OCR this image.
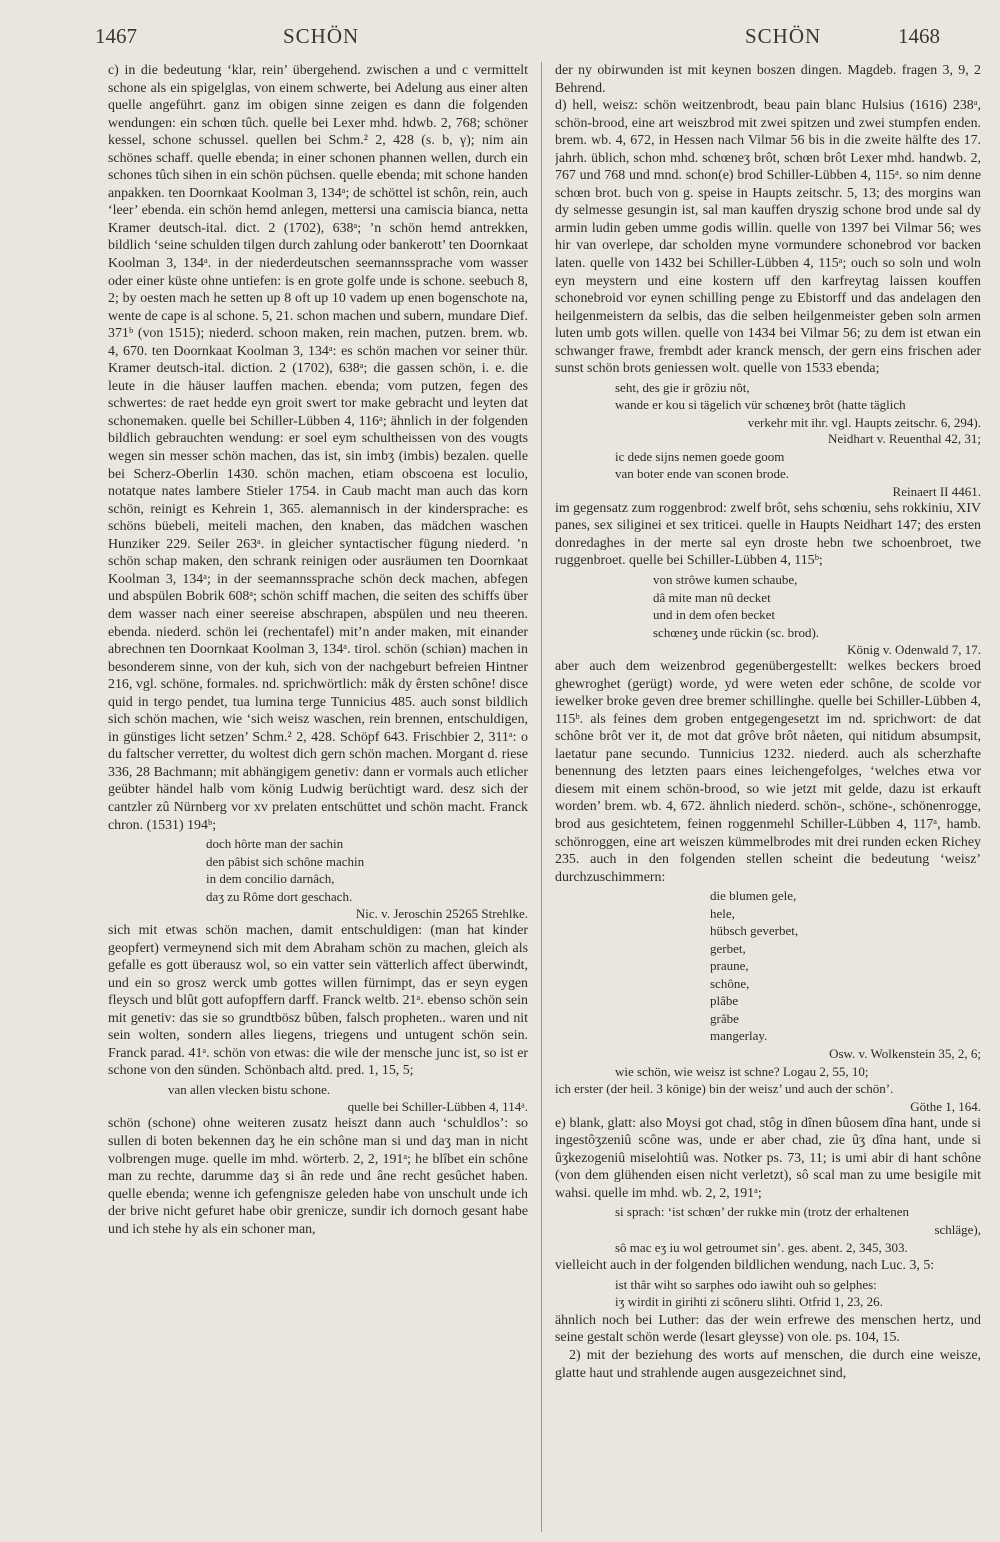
1467	SCHÖN	SCHÖN	1468

c) in die bedeutung ‘klar, rein’ übergehend. zwischen a und c vermittelt schone als ein spigelglas, von einem schwerte, bei Adelung aus einer alten quelle angeführt. ganz im obigen sinne zeigen es dann die folgenden wendungen: ein schœn tûch. quelle bei Lexer mhd. hdwb. 2, 768; schöner kessel, schone schussel. quellen bei Schm.² 2, 428 (s. b, γ); nim ain schönes schaff. quelle ebenda; in einer schonen phannen wellen, durch ein schones tûch sihen in ein schön püchsen. quelle ebenda; mit schone handen anpakken. ten Doornkaat Koolman 3, 134ᵃ; de schöttel ist schôn, rein, auch ‘leer’ ebenda. ein schön hemd anlegen, mettersi una camiscia bianca, netta Kramer deutsch-ital. dict. 2 (1702), 638ᵃ; ’n schön hemd antrekken, bildlich ‘seine schulden tilgen durch zahlung oder bankerott’ ten Doornkaat Koolman 3, 134ᵃ. in der niederdeutschen seemannssprache vom wasser oder einer küste ohne untiefen: is en grote golfe unde is schone. seebuch 8, 2; by oesten mach he setten up 8 oft up 10 vadem up enen bogenschote na, wente de cape is al schone. 5, 21. schon machen und subern, mundare Dief. 371ᵇ (von 1515); niederd. schoon maken, rein machen, putzen. brem. wb. 4, 670. ten Doornkaat Koolman 3, 134ᵃ: es schön machen vor seiner thür. Kramer deutsch-ital. diction. 2 (1702), 638ᵃ; die gassen schön, i. e. die leute in die häuser lauffen machen. ebenda; vom putzen, fegen des schwertes: de raet hedde eyn groit swert tor make gebracht und leyten dat schonemaken. quelle bei Schiller-Lübben 4, 116ᵃ; ähnlich in der folgenden bildlich gebrauchten wendung: er soel eym schultheissen von des vougts wegen sin messer schön machen, das ist, sin imbʒ (imbis) bezalen. quelle bei Scherz-Oberlin 1430. schön machen, etiam obscoena est loculio, notatque nates lambere Stieler 1754. in Caub macht man auch das korn schön, reinigt es Kehrein 1, 365. alemannisch in der kindersprache: es schöns büebeli, meiteli machen, den knaben, das mädchen waschen Hunziker 229. Seiler 263ᵃ. in gleicher syntactischer fügung niederd. ’n schön schap maken, den schrank reinigen oder ausräumen ten Doornkaat Koolman 3, 134ᵃ; in der seemannssprache schön deck machen, abfegen und abspülen Bobrik 608ᵃ; schön schiff machen, die seiten des schiffs über dem wasser nach einer seereise abschrapen, abspülen und neu theeren. ebenda. niederd. schön lei (rechentafel) mit’n ander maken, mit einander abrechnen ten Doornkaat Koolman 3, 134ᵃ. tirol. schön (schiən) machen in besonderem sinne, von der kuh, sich von der nachgeburt befreien Hintner 216, vgl. schöne, formales. nd. sprichwörtlich: måk dy êrsten schône! disce quid in tergo pendet, tua lumina terge Tunnicius 485. auch sonst bildlich sich schön machen, wie ‘sich weisz waschen, rein brennen, entschuldigen, in günstiges licht setzen’ Schm.² 2, 428. Schöpf 643. Frischbier 2, 311ᵃ: o du faltscher verretter, du woltest dich gern schön machen. Morgant d. riese 336, 28 Bachmann; mit abhängigem genetiv: dann er vormals auch etlicher geübter händel halb vom könig Ludwig berüchtigt ward. desz sich der cantzler zû Nürnberg vor xv prelaten entschüttet und schön macht. Franck chron. (1531) 194ᵇ;

doch hôrte man der sachin
den pâbist sich schône machin
in dem concilio darnâch,
daʒ zu Rôme dort geschach.
Nic. v. Jeroschin 25265 Strehlke.

sich mit etwas schön machen, damit entschuldigen: (man hat kinder geopfert) vermeynend sich mit dem Abraham schön zu machen, gleich als gefalle es gott überausz wol, so ein vatter sein vätterlich affect überwindt, und ein so grosz werck umb gottes willen fürnimpt, das er seyn eygen fleysch und blût gott aufopffern darff. Franck weltb. 21ᵃ. ebenso schön sein mit genetiv: das sie so grundtbösz bûben, falsch propheten.. waren und nit sein wolten, sondern alles liegens, triegens und untugent schön sein. Franck parad. 41ᵃ. schön von etwas: die wile der mensche junc ist, so ist er schone von den sünden. Schönbach altd. pred. 1, 15, 5;

van allen vlecken bistu schone.
quelle bei Schiller-Lübben 4, 114ᵃ.

schön (schone) ohne weiteren zusatz heiszt dann auch ‘schuldlos’: so sullen di boten bekennen daʒ he ein schône man si und daʒ man in nicht volbrengen muge. quelle im mhd. wörterb. 2, 2, 191ᵃ; he blîbet ein schône man zu rechte, darumme daʒ si ân rede und âne recht gesûchet haben. quelle ebenda; wenne ich gefengnisze geleden habe von unschult unde ich der brive nicht gefuret habe obir grenicze, sundir ich dornoch gesant habe und ich stehe hy als ein schoner man,

der ny obirwunden ist mit keynen boszen dingen. Magdeb. fragen 3, 9, 2 Behrend.

d) hell, weisz: schön weitzenbrodt, beau pain blanc Hulsius (1616) 238ᵃ, schön-brood, eine art weiszbrod mit zwei spitzen und zwei stumpfen enden. brem. wb. 4, 672, in Hessen nach Vilmar 56 bis in die zweite hälfte des 17. jahrh. üblich, schon mhd. schœneʒ brôt, schœn brôt Lexer mhd. handwb. 2, 767 und 768 und mnd. schon(e) brod Schiller-Lübben 4, 115ᵃ. so nim denne schœn brot. buch von g. speise in Haupts zeitschr. 5, 13; des morgins wan dy selmesse gesungin ist, sal man kauffen dryszig schone brod unde sal dy armin ludin geben umme godis willin. quelle von 1397 bei Vilmar 56; wes hir van overlepe, dar scholden myne vormundere schonebrod vor backen laten. quelle von 1432 bei Schiller-Lübben 4, 115ᵃ; ouch so soln und woln eyn meystern und eine kostern uff den karfreytag laissen kouffen schonebroid vor eynen schilling penge zu Ebistorff und das andelagen den heilgenmeistern da selbis, das die selben heilgenmeister geben soln armen luten umb gots willen. quelle von 1434 bei Vilmar 56; zu dem ist etwan ein schwanger frawe, frembdt ader kranck mensch, der gern eins frischen ader sunst schön brots geniessen wolt. quelle von 1533 ebenda;

seht, des gie ir grôziu nôt,
wande er kou si tägelich vür schœneʒ brôt (hatte täglich
verkehr mit ihr. vgl. Haupts zeitschr. 6, 294).
Neidhart v. Reuenthal 42, 31;
ic dede sijns nemen goede goom
van boter ende van sconen brode.
Reinaert II 4461.

im gegensatz zum roggenbrod: zwelf brôt, sehs schœniu, sehs rokkiniu, XIV panes, sex siliginei et sex triticei. quelle in Haupts Neidhart 147; des ersten donredaghes in der merte sal eyn droste hebn twe schoenbroet, twe ruggenbroet. quelle bei Schiller-Lübben 4, 115ᵇ;

von strôwe kumen schaube,
dâ mite man nû decket
und in dem ofen becket
schœneʒ unde rückin (sc. brod).
König v. Odenwald 7, 17.

aber auch dem weizenbrod gegenübergestellt: welkes beckers broed ghewroghet (gerügt) worde, yd were weten eder schône, de scolde vor iewelker broke geven dree bremer schillinghe. quelle bei Schiller-Lübben 4, 115ᵇ. als feines dem groben entgegengesetzt im nd. sprichwort: de dat schône brôt ver it, de mot dat grôve brôt nåeten, qui nitidum absumpsit, laetatur pane secundo. Tunnicius 1232. niederd. auch als scherzhafte benennung des letzten paars eines leichengefolges, ‘welches etwa vor diesem mit einem schön-brood, so wie jetzt mit gelde, dazu ist erkauft worden’ brem. wb. 4, 672. ähnlich niederd. schön-, schöne-, schönenrogge, brod aus gesichtetem, feinen roggenmehl Schiller-Lübben 4, 117ᵃ, hamb. schönroggen, eine art weiszen kümmelbrodes mit drei runden ecken Richey 235. auch in den folgenden stellen scheint die bedeutung ‘weisz’ durchzuschimmern:

die blumen gele,
hele,
hübsch geverbet,
gerbet,
praune,
schône,
plâbe
grâbe
mangerlay.
Osw. v. Wolkenstein 35, 2, 6;
wie schön, wie weisz ist schne? Logau 2, 55, 10;
ich erster (der heil. 3 könige) bin der weisz’ und auch der schön’.
Göthe 1, 164.

e) blank, glatt: also Moysi got chad, stôg in dînen bûosem dîna hant, unde si ingestôʒzeniû scône was, unde er aber chad, zie ûʒ dîna hant, unde si ûʒkezogeniû miselohtiû was. Notker ps. 73, 11; is umi abir di hant schône (von dem glühenden eisen nicht verletzt), sô scal man zu ume besigile mit wahsi. quelle im mhd. wb. 2, 2, 191ᵃ;

si sprach: ‘ist schœn’ der rukke min (trotz der erhaltenen
schläge),
sô mac eʒ iu wol getroumet sin’. ges. abent. 2, 345, 303.

vielleicht auch in der folgenden bildlichen wendung, nach Luc. 3, 5:

ist thâr wiht so sarphes odo iawiht ouh so gelphes:
iʒ wirdit in girihti zi scôneru slihti. Otfrid 1, 23, 26.

ähnlich noch bei Luther: das der wein erfrewe des menschen hertz, und seine gestalt schön werde (lesart gleysse) von ole. ps. 104, 15.

2) mit der beziehung des worts auf menschen, die durch eine weisze, glatte haut und strahlende augen ausgezeichnet sind,
